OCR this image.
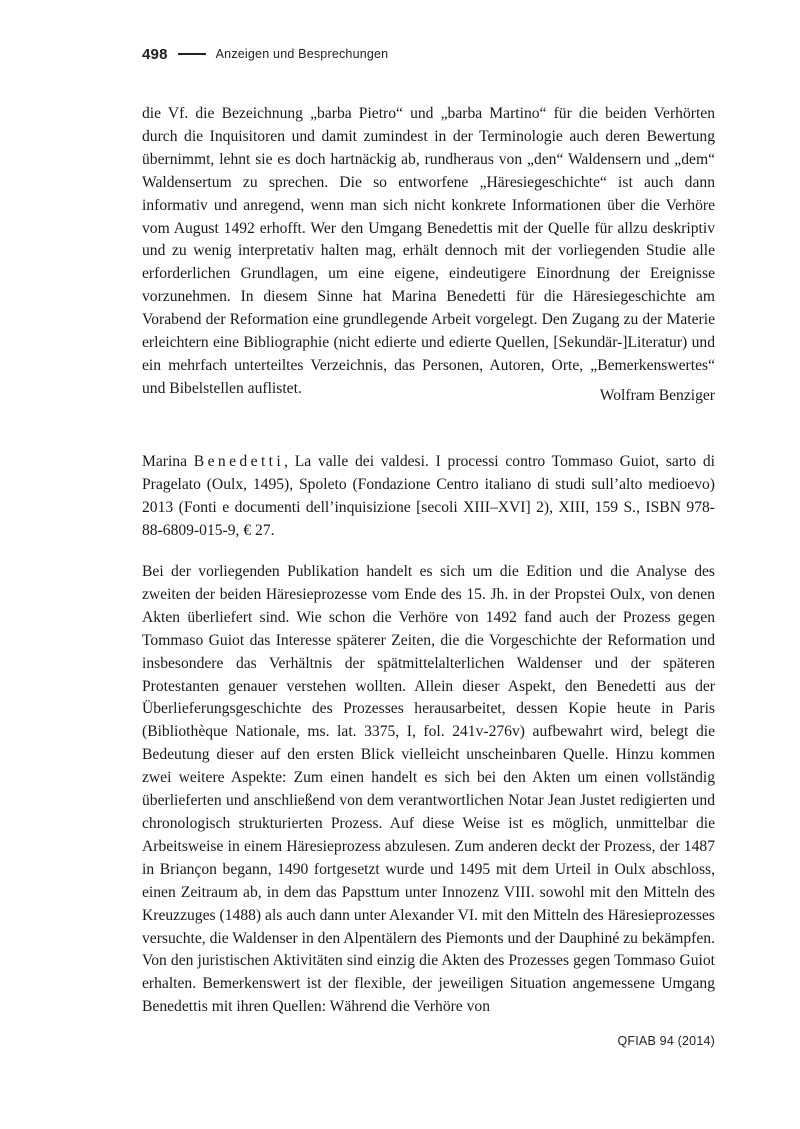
498	Anzeigen und Besprechungen

die Vf. die Bezeichnung „barba Pietro“ und „barba Martino“ für die beiden Verhörten durch die Inquisitoren und damit zumindest in der Terminologie auch deren Bewertung übernimmt, lehnt sie es doch hartnäckig ab, rundheraus von „den“ Waldensern und „dem“ Waldensertum zu sprechen. Die so entworfene „Häresiegeschichte“ ist auch dann informativ und anregend, wenn man sich nicht konkrete Informationen über die Verhöre vom August 1492 erhofft. Wer den Umgang Benedettis mit der Quelle für allzu deskriptiv und zu wenig interpretativ halten mag, erhält dennoch mit der vorliegenden Studie alle erforderlichen Grundlagen, um eine eigene, eindeutigere Einordnung der Ereignisse vorzunehmen. In diesem Sinne hat Marina Benedetti für die Häresiegeschichte am Vorabend der Reformation eine grundlegende Arbeit vorgelegt. Den Zugang zu der Materie erleichtern eine Bibliographie (nicht edierte und edierte Quellen, [Sekundär-]Literatur) und ein mehrfach unterteiltes Verzeichnis, das Personen, Autoren, Orte, „Bemerkenswertes“ und Bibelstellen auflistet.	Wolfram Benziger

Marina Benedetti, La valle dei valdesi. I processi contro Tommaso Guiot, sarto di Pragelato (Oulx, 1495), Spoleto (Fondazione Centro italiano di studi sull’alto medioevo) 2013 (Fonti e documenti dell’inquisizione [secoli XIII–XVI] 2), XIII, 159 S., ISBN 978-88-6809-015-9, € 27.

Bei der vorliegenden Publikation handelt es sich um die Edition und die Analyse des zweiten der beiden Häresieprozesse vom Ende des 15. Jh. in der Propstei Oulx, von denen Akten überliefert sind. Wie schon die Verhöre von 1492 fand auch der Prozess gegen Tommaso Guiot das Interesse späterer Zeiten, die die Vorgeschichte der Reformation und insbesondere das Verhältnis der spätmittelalterlichen Waldenser und der späteren Protestanten genauer verstehen wollten. Allein dieser Aspekt, den Benedetti aus der Überlieferungsgeschichte des Prozesses herausarbeitet, dessen Kopie heute in Paris (Bibliothèque Nationale, ms. lat. 3375, I, fol. 241v-276v) aufbewahrt wird, belegt die Bedeutung dieser auf den ersten Blick vielleicht unscheinbaren Quelle. Hinzu kommen zwei weitere Aspekte: Zum einen handelt es sich bei den Akten um einen vollständig überlieferten und anschließend von dem verantwortlichen Notar Jean Justet redigierten und chronologisch strukturierten Prozess. Auf diese Weise ist es möglich, unmittelbar die Arbeitsweise in einem Häresieprozess abzulesen. Zum anderen deckt der Prozess, der 1487 in Briançon begann, 1490 fortgesetzt wurde und 1495 mit dem Urteil in Oulx abschloss, einen Zeitraum ab, in dem das Papsttum unter Innozenz VIII. sowohl mit den Mitteln des Kreuzzuges (1488) als auch dann unter Alexander VI. mit den Mitteln des Häresieprozesses versuchte, die Waldenser in den Alpentälern des Piemonts und der Dauphiné zu bekämpfen. Von den juristischen Aktivitäten sind einzig die Akten des Prozesses gegen Tommaso Guiot erhalten. Bemerkenswert ist der flexible, der jeweiligen Situation angemessene Umgang Benedettis mit ihren Quellen: Während die Verhöre von

QFIAB 94 (2014)
